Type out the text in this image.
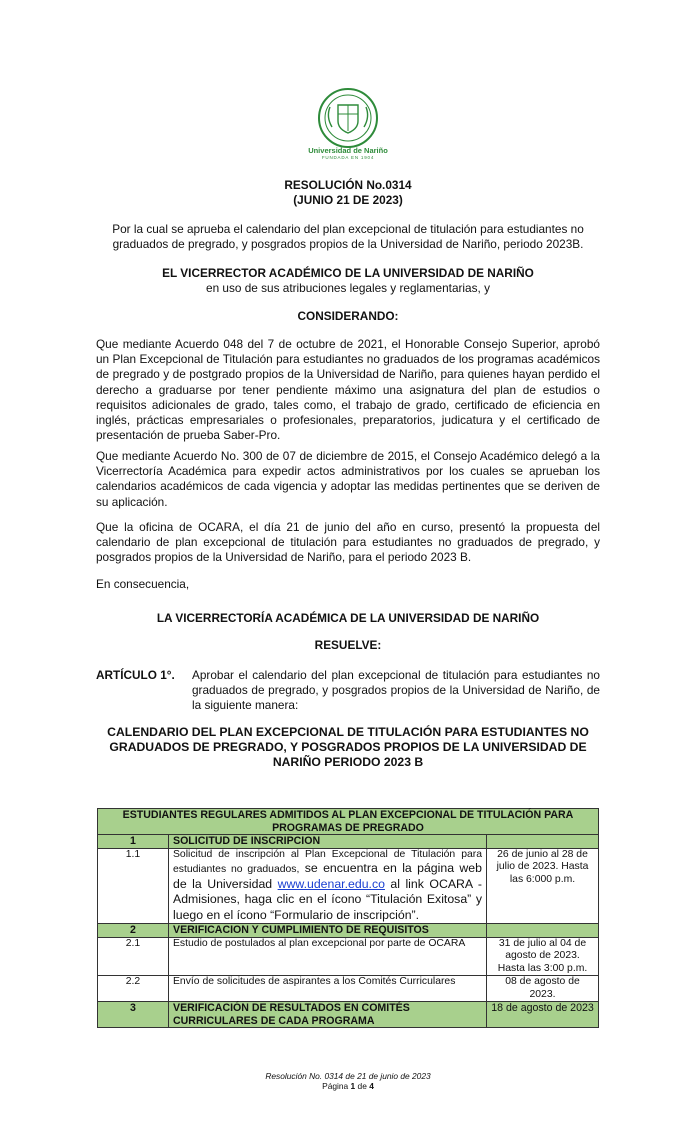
Universidad de Nariño
FUNDADA EN 1904
RESOLUCIÓN No.0314
(JUNIO 21 DE 2023)
Por la cual se aprueba el calendario del plan excepcional de titulación para estudiantes no graduados de pregrado, y posgrados propios de la Universidad de Nariño, periodo 2023B.
EL VICERRECTOR ACADÉMICO DE LA UNIVERSIDAD DE NARIÑO
en uso de sus atribuciones legales y reglamentarias, y
CONSIDERANDO:
Que mediante Acuerdo 048 del 7 de octubre de 2021, el Honorable Consejo Superior, aprobó un Plan Excepcional de Titulación para estudiantes no graduados de los programas académicos de pregrado y de postgrado propios de la Universidad de Nariño, para quienes hayan perdido el derecho a graduarse por tener pendiente máximo una asignatura del plan de estudios o requisitos adicionales de grado, tales como, el trabajo de grado, certificado de eficiencia en inglés, prácticas empresariales o profesionales, preparatorios, judicatura y el certificado de presentación de prueba Saber-Pro.
Que mediante Acuerdo No. 300 de 07 de diciembre de 2015, el Consejo Académico delegó a la Vicerrectoría Académica para expedir actos administrativos por los cuales se aprueban los calendarios académicos de cada vigencia y adoptar las medidas pertinentes que se deriven de su aplicación.
Que la oficina de OCARA, el día 21 de junio del año en curso, presentó la propuesta del calendario de plan excepcional de titulación para estudiantes no graduados de pregrado, y posgrados propios de la Universidad de Nariño, para el periodo 2023 B.
En consecuencia,
LA VICERRECTORÍA ACADÉMICA DE LA UNIVERSIDAD DE NARIÑO
RESUELVE:
ARTÍCULO 1°. Aprobar el calendario del plan excepcional de titulación para estudiantes no graduados de pregrado, y posgrados propios de la Universidad de Nariño, de la siguiente manera:
CALENDARIO DEL PLAN EXCEPCIONAL DE TITULACIÓN PARA ESTUDIANTES NO
GRADUADOS DE PREGRADO, Y POSGRADOS PROPIOS DE LA UNIVERSIDAD DE
NARIÑO PERIODO 2023 B
ESTUDIANTES REGULARES ADMITIDOS AL PLAN EXCEPCIONAL DE TITULACIÓN PARA
PROGRAMAS DE PREGRADO		

1	SOLICITUD DE INSCRIPCION	
1.1	Solicitud de inscripción al Plan Excepcional de Titulación para estudiantes no graduados, se encuentra en la página web de la Universidad www.udenar.edu.co al link OCARA - Admisiones, haga clic en el ícono “Titulación Exitosa” y luego en el ícono “Formulario de inscripción”.	26 de junio al 28 de julio de 2023. Hasta las 6:000 p.m.
2	VERIFICACION Y CUMPLIMIENTO DE REQUISITOS	
2.1	Estudio de postulados al plan excepcional por parte de OCARA	31 de julio al 04 de agosto de 2023. Hasta las 3:00 p.m.
2.2	Envío de solicitudes de aspirantes a los Comités Curriculares	08 de agosto de 2023.
3	VERIFICACIÓN DE RESULTADOS EN COMITÉS CURRICULARES DE CADA PROGRAMA	18 de agosto de 2023
Resolución No. 0314 de 21 de junio de 2023
Página 1 de 4
